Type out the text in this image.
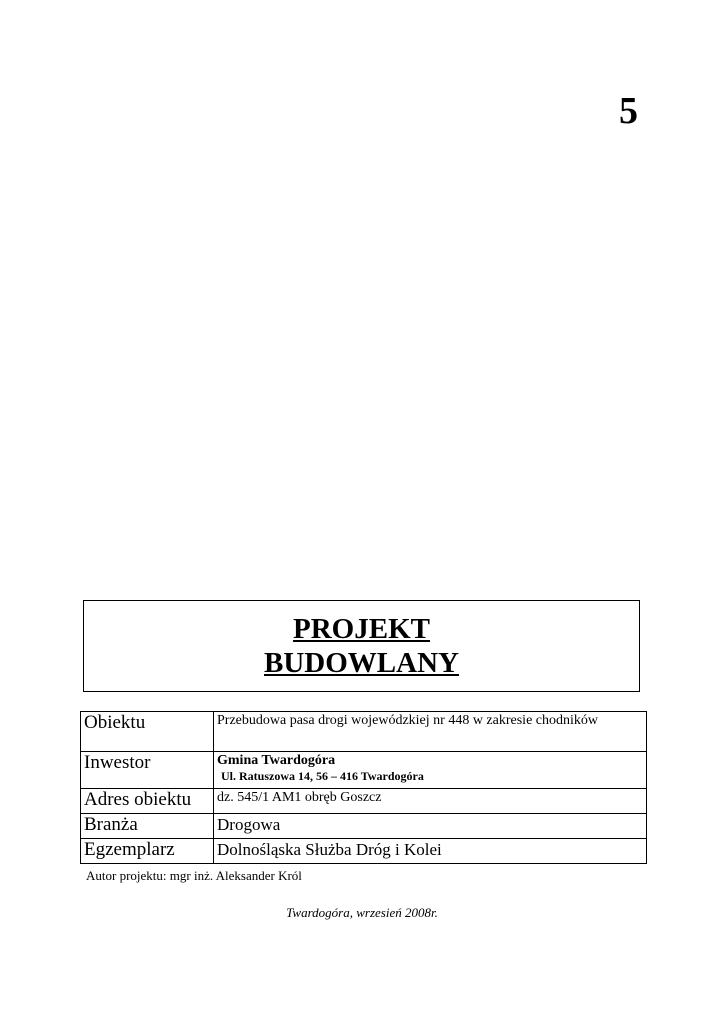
5
PROJEKT
BUDOWLANY
Obiektu	Przebudowa pasa drogi wojewódzkiej nr 448 w zakresie chodników
Inwestor	Gmina Twardogóra
Ul. Ratuszowa 14, 56 – 416 Twardogóra

Adres obiektu	dz. 545/1 AM1 obręb Goszcz
Branża	Drogowa
Egzemplarz	Dolnośląska Służba Dróg i Kolei
Autor projektu: mgr inż. Aleksander Król
Twardogóra, wrzesień 2008r.
